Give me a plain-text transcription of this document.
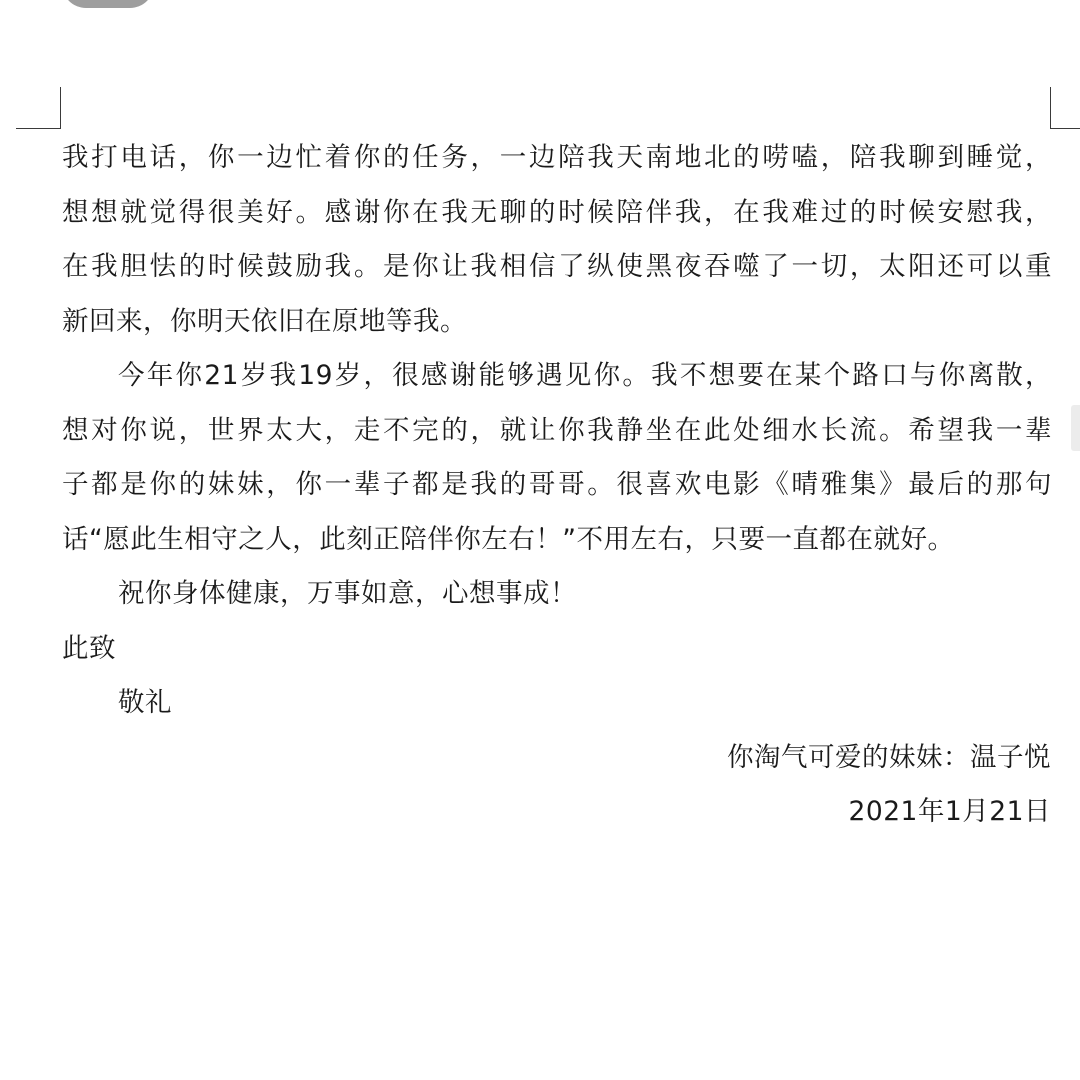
我打电话，你一边忙着你的任务，一边陪我天南地北的唠嗑，陪我聊到睡觉，
想想就觉得很美好。感谢你在我无聊的时候陪伴我，在我难过的时候安慰我，
在我胆怯的时候鼓励我。是你让我相信了纵使黑夜吞噬了一切，太阳还可以重
新回来，你明天依旧在原地等我。
今年你21岁我19岁，很感谢能够遇见你。我不想要在某个路口与你离散，
想对你说，世界太大，走不完的，就让你我静坐在此处细水长流。希望我一辈
子都是你的妹妹，你一辈子都是我的哥哥。很喜欢电影《晴雅集》最后的那句
话“愿此生相守之人，此刻正陪伴你左右！”不用左右，只要一直都在就好。
祝你身体健康，万事如意，心想事成！
此致
敬礼
你淘气可爱的妹妹：温子悦
2021年1月21日
